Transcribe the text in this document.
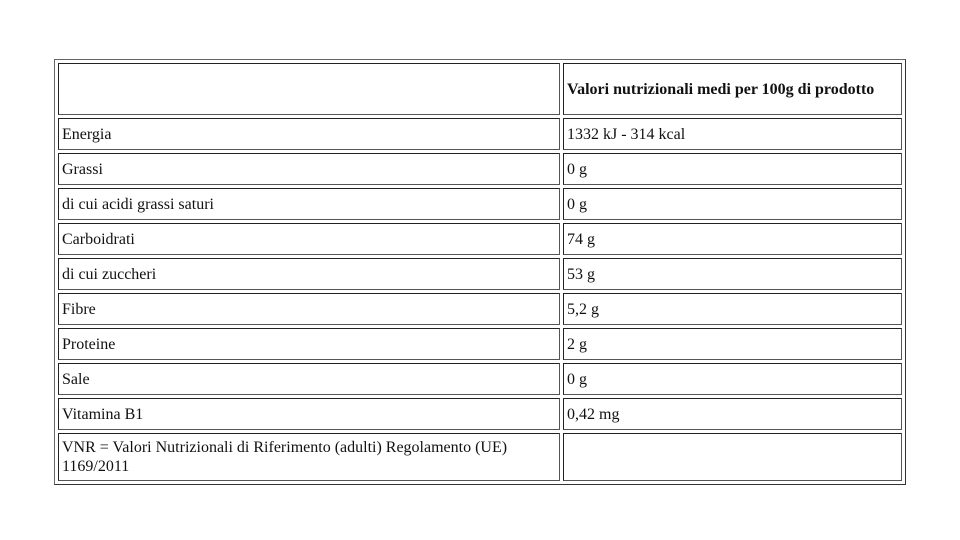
	Valori nutrizionali medi per 100g di prodotto
Energia	1332 kJ - 314 kcal
Grassi	0 g
di cui acidi grassi saturi	0 g
Carboidrati	74 g
di cui zuccheri	53 g
Fibre	5,2 g
Proteine	2 g
Sale	0 g
Vitamina B1	0,42 mg
VNR = Valori Nutrizionali di Riferimento (adulti) Regolamento (UE) 1169/2011	
